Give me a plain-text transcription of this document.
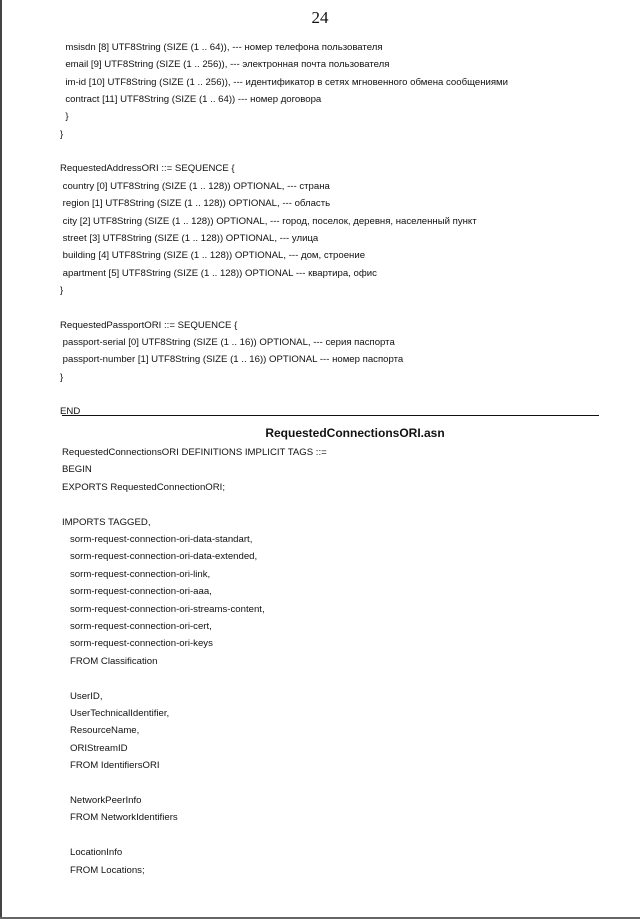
24
msisdn [8] UTF8String (SIZE (1 .. 64)), --- номер телефона пользователя
email [9] UTF8String (SIZE (1 .. 256)), --- электронная почта пользователя
im-id [10] UTF8String (SIZE (1 .. 256)), --- идентификатор в сетях мгновенного обмена сообщениями
contract [11] UTF8String (SIZE (1 .. 64)) --- номер договора
}
}
RequestedAddressORI ::= SEQUENCE {
country [0] UTF8String (SIZE (1 .. 128)) OPTIONAL, --- страна
region [1] UTF8String (SIZE (1 .. 128)) OPTIONAL, --- область
city [2] UTF8String (SIZE (1 .. 128)) OPTIONAL, --- город, поселок, деревня, населенный пункт
street [3] UTF8String (SIZE (1 .. 128)) OPTIONAL, --- улица
building [4] UTF8String (SIZE (1 .. 128)) OPTIONAL, --- дом, строение
apartment [5] UTF8String (SIZE (1 .. 128)) OPTIONAL --- квартира, офис
}
RequestedPassportORI ::= SEQUENCE {
passport-serial [0] UTF8String (SIZE (1 .. 16)) OPTIONAL, --- серия паспорта
passport-number [1] UTF8String (SIZE (1 .. 16)) OPTIONAL --- номер паспорта
}
END
RequestedConnectionsORI.asn
RequestedConnectionsORI DEFINITIONS IMPLICIT TAGS ::=
BEGIN
EXPORTS RequestedConnectionORI;
IMPORTS TAGGED,
sorm-request-connection-ori-data-standart,
sorm-request-connection-ori-data-extended,
sorm-request-connection-ori-link,
sorm-request-connection-ori-aaa,
sorm-request-connection-ori-streams-content,
sorm-request-connection-ori-cert,
sorm-request-connection-ori-keys
FROM Classification
UserID,
UserTechnicalIdentifier,
ResourceName,
ORIStreamID
FROM IdentifiersORI
NetworkPeerInfo
FROM NetworkIdentifiers
LocationInfo
FROM Locations;
